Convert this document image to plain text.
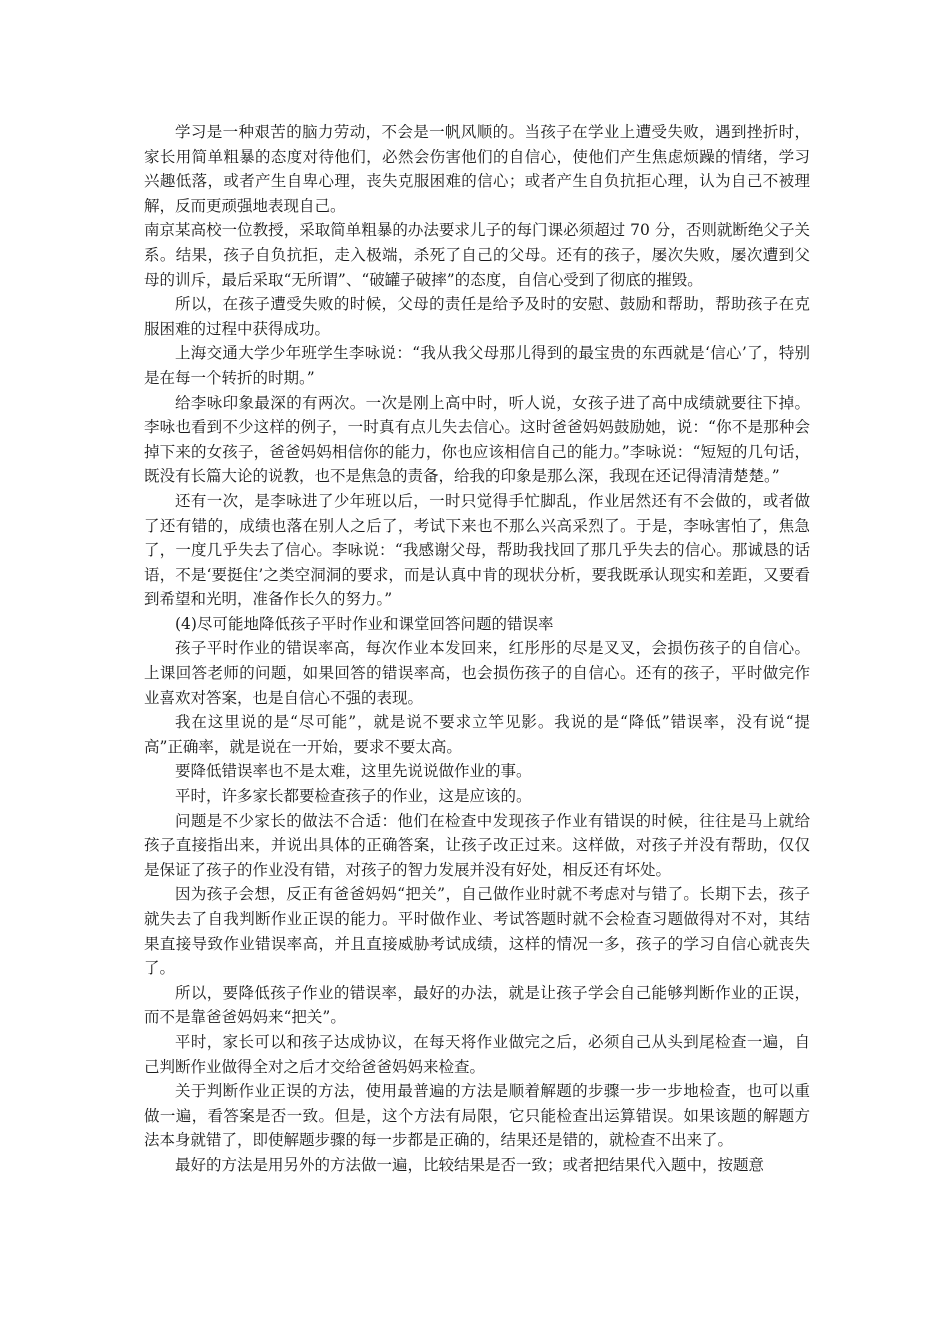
学习是一种艰苦的脑力劳动，不会是一帆风顺的。当孩子在学业上遭受失败，遇到挫折时，家长用简单粗暴的态度对待他们，必然会伤害他们的自信心，使他们产生焦虑烦躁的情绪，学习兴趣低落，或者产生自卑心理，丧失克服困难的信心；或者产生自负抗拒心理，认为自己不被理解，反而更顽强地表现自己。

南京某高校一位教授，采取简单粗暴的办法要求儿子的每门课必须超过 70 分，否则就断绝父子关系。结果，孩子自负抗拒，走入极端，杀死了自己的父母。还有的孩子，屡次失败，屡次遭到父母的训斥，最后采取“无所谓”、“破罐子破摔”的态度，自信心受到了彻底的摧毁。

所以，在孩子遭受失败的时候，父母的责任是给予及时的安慰、鼓励和帮助，帮助孩子在克服困难的过程中获得成功。

上海交通大学少年班学生李咏说：“我从我父母那儿得到的最宝贵的东西就是‘信心’了，特别是在每一个转折的时期。”

给李咏印象最深的有两次。一次是刚上高中时，听人说，女孩子进了高中成绩就要往下掉。李咏也看到不少这样的例子，一时真有点儿失去信心。这时爸爸妈妈鼓励她，说：“你不是那种会掉下来的女孩子，爸爸妈妈相信你的能力，你也应该相信自己的能力。”李咏说：“短短的几句话，既没有长篇大论的说教，也不是焦急的责备，给我的印象是那么深，我现在还记得清清楚楚。”

还有一次，是李咏进了少年班以后，一时只觉得手忙脚乱，作业居然还有不会做的，或者做了还有错的，成绩也落在别人之后了，考试下来也不那么兴高采烈了。于是，李咏害怕了，焦急了，一度几乎失去了信心。李咏说：“我感谢父母，帮助我找回了那几乎失去的信心。那诚恳的话语，不是‘要挺住’之类空洞洞的要求，而是认真中肯的现状分析，要我既承认现实和差距，又要看到希望和光明，准备作长久的努力。”

(4)尽可能地降低孩子平时作业和课堂回答问题的错误率

孩子平时作业的错误率高，每次作业本发回来，红彤彤的尽是叉叉，会损伤孩子的自信心。上课回答老师的问题，如果回答的错误率高，也会损伤孩子的自信心。还有的孩子，平时做完作业喜欢对答案，也是自信心不强的表现。

我在这里说的是“尽可能”，就是说不要求立竿见影。我说的是“降低”错误率，没有说“提高”正确率，就是说在一开始，要求不要太高。

要降低错误率也不是太难，这里先说说做作业的事。

平时，许多家长都要检查孩子的作业，这是应该的。

问题是不少家长的做法不合适：他们在检查中发现孩子作业有错误的时候，往往是马上就给孩子直接指出来，并说出具体的正确答案，让孩子改正过来。这样做，对孩子并没有帮助，仅仅是保证了孩子的作业没有错，对孩子的智力发展并没有好处，相反还有坏处。

因为孩子会想，反正有爸爸妈妈“把关”，自己做作业时就不考虑对与错了。长期下去，孩子就失去了自我判断作业正误的能力。平时做作业、考试答题时就不会检查习题做得对不对，其结果直接导致作业错误率高，并且直接威胁考试成绩，这样的情况一多，孩子的学习自信心就丧失了。

所以，要降低孩子作业的错误率，最好的办法，就是让孩子学会自己能够判断作业的正误，而不是靠爸爸妈妈来“把关”。

平时，家长可以和孩子达成协议，在每天将作业做完之后，必须自己从头到尾检查一遍，自己判断作业做得全对之后才交给爸爸妈妈来检查。

关于判断作业正误的方法，使用最普遍的方法是顺着解题的步骤一步一步地检查，也可以重做一遍，看答案是否一致。但是，这个方法有局限，它只能检查出运算错误。如果该题的解题方法本身就错了，即使解题步骤的每一步都是正确的，结果还是错的，就检查不出来了。

最好的方法是用另外的方法做一遍，比较结果是否一致；或者把结果代入题中，按题意
